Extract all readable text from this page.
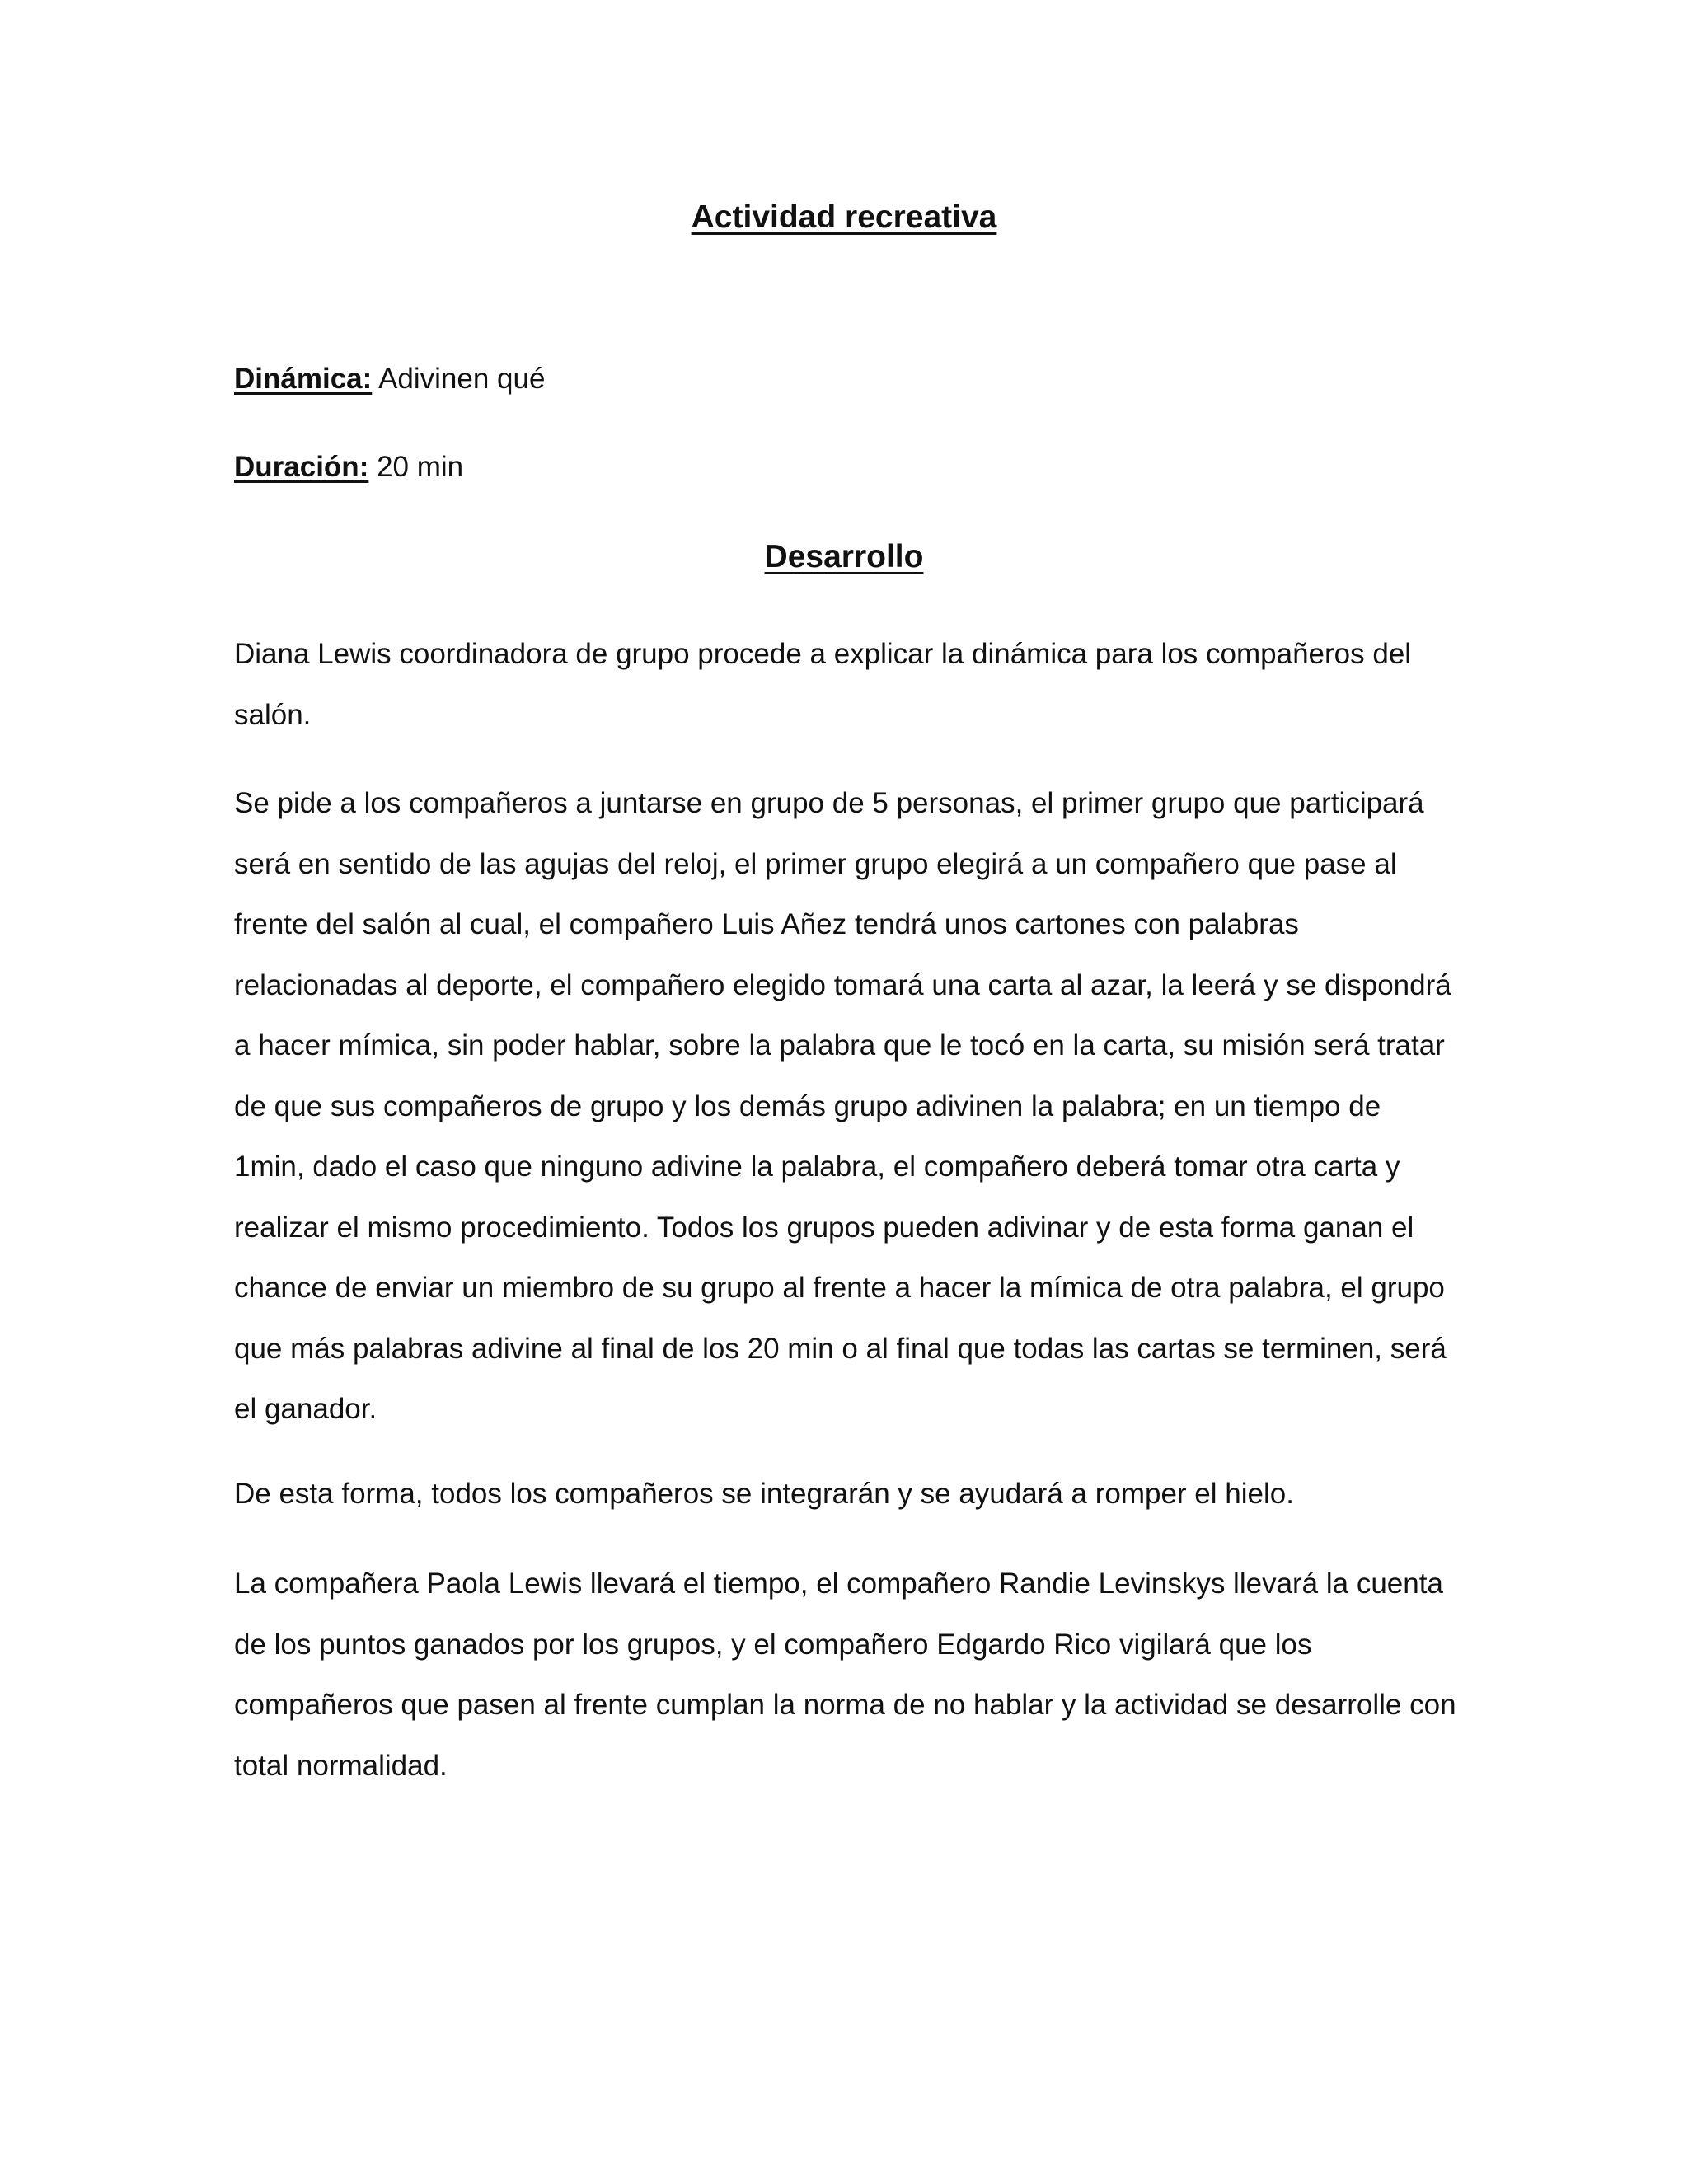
Actividad recreativa
Dinámica: Adivinen qué
Duración: 20 min
Desarrollo

Diana Lewis coordinadora de grupo procede a explicar la dinámica para los compañeros del salón.

Se pide a los compañeros a juntarse en grupo de 5 personas, el primer grupo que participará será en sentido de las agujas del reloj, el primer grupo elegirá a un compañero que pase al frente del salón al cual, el compañero Luis Añez tendrá unos cartones con palabras relacionadas al deporte, el compañero elegido tomará una carta al azar, la leerá y se dispondrá a hacer mímica, sin poder hablar, sobre la palabra que le tocó en la carta, su misión será tratar de que sus compañeros de grupo y los demás grupo adivinen la palabra; en un tiempo de 1min, dado el caso que ninguno adivine la palabra, el compañero deberá tomar otra carta y realizar el mismo procedimiento. Todos los grupos pueden adivinar y de esta forma ganan el chance de enviar un miembro de su grupo al frente a hacer la mímica de otra palabra, el grupo que más palabras adivine al final de los 20 min o al final que todas las cartas se terminen, será el ganador.

De esta forma, todos los compañeros se integrarán y se ayudará a romper el hielo.

La compañera Paola Lewis llevará el tiempo, el compañero Randie Levinskys llevará la cuenta de los puntos ganados por los grupos, y el compañero Edgardo Rico vigilará que los compañeros que pasen al frente cumplan la norma de no hablar y la actividad se desarrolle con total normalidad.
